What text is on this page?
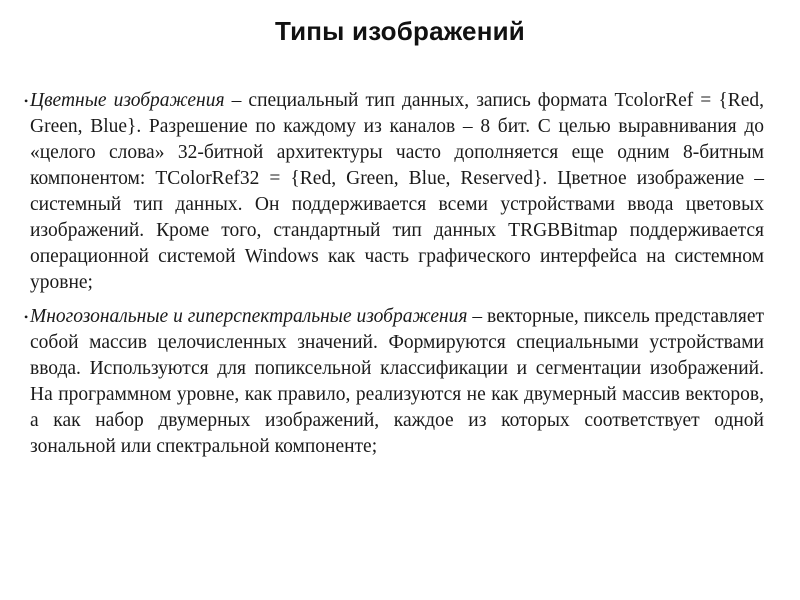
Типы изображений

• Цветные изображения – специальный тип данных, запись формата TcolorRef = {Red, Green, Blue}. Разрешение по каждому из каналов – 8 бит. С целью выравнивания до «целого слова» 32-битной архитектуры часто дополняется еще одним 8-битным компонентом: TColorRef32 = {Red, Green, Blue, Reserved}. Цветное изображение – системный тип данных. Он поддерживается всеми устройствами ввода цветовых изображений. Кроме того, стандартный тип данных TRGBBitmap поддерживается операционной системой Windows как часть графического интерфейса на системном уровне;

• Многозональные и гиперспектральные изображения – векторные, пиксель представляет собой массив целочисленных значений. Формируются специальными устройствами ввода. Используются для попиксельной классификации и сегментации изображений. На программном уровне, как правило, реализуются не как двумерный массив векторов, а как набор двумерных изображений, каждое из которых соответствует одной зональной или спектральной компоненте;
